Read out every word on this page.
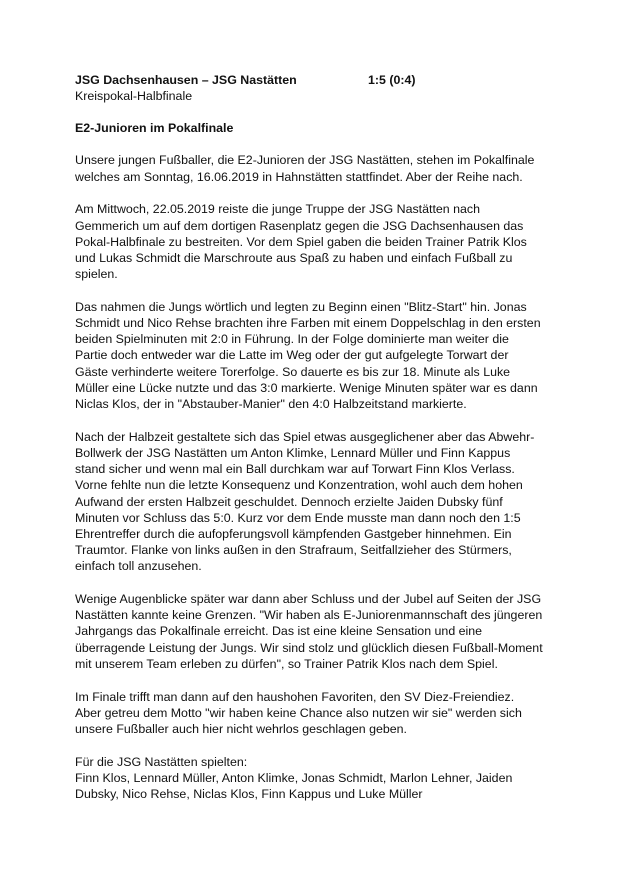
JSG Dachsenhausen – JSG Nastätten	1:5 (0:4)
Kreispokal-Halbfinale
E2-Junioren im Pokalfinale
Unsere jungen Fußballer, die E2-Junioren der JSG Nastätten, stehen im Pokalfinale
welches am Sonntag, 16.06.2019 in Hahnstätten stattfindet. Aber der Reihe nach.
Am Mittwoch, 22.05.2019 reiste die junge Truppe der JSG Nastätten nach
Gemmerich um auf dem dortigen Rasenplatz gegen die JSG Dachsenhausen das
Pokal-Halbfinale zu bestreiten. Vor dem Spiel gaben die beiden Trainer Patrik Klos
und Lukas Schmidt die Marschroute aus Spaß zu haben und einfach Fußball zu
spielen.
Das nahmen die Jungs wörtlich und legten zu Beginn einen "Blitz-Start" hin. Jonas
Schmidt und Nico Rehse brachten ihre Farben mit einem Doppelschlag in den ersten
beiden Spielminuten mit 2:0 in Führung. In der Folge dominierte man weiter die
Partie doch entweder war die Latte im Weg oder der gut aufgelegte Torwart der
Gäste verhinderte weitere Torerfolge. So dauerte es bis zur 18. Minute als Luke
Müller eine Lücke nutzte und das 3:0 markierte. Wenige Minuten später war es dann
Niclas Klos, der in "Abstauber-Manier" den 4:0 Halbzeitstand markierte.
Nach der Halbzeit gestaltete sich das Spiel etwas ausgeglichener aber das Abwehr-
Bollwerk der JSG Nastätten um Anton Klimke, Lennard Müller und Finn Kappus
stand sicher und wenn mal ein Ball durchkam war auf Torwart Finn Klos Verlass.
Vorne fehlte nun die letzte Konsequenz und Konzentration, wohl auch dem hohen
Aufwand der ersten Halbzeit geschuldet. Dennoch erzielte Jaiden Dubsky fünf
Minuten vor Schluss das 5:0. Kurz vor dem Ende musste man dann noch den 1:5
Ehrentreffer durch die aufopferungsvoll kämpfenden Gastgeber hinnehmen. Ein
Traumtor. Flanke von links außen in den Strafraum, Seitfallzieher des Stürmers,
einfach toll anzusehen.
Wenige Augenblicke später war dann aber Schluss und der Jubel auf Seiten der JSG
Nastätten kannte keine Grenzen. "Wir haben als E-Juniorenmannschaft des jüngeren
Jahrgangs das Pokalfinale erreicht. Das ist eine kleine Sensation und eine
überragende Leistung der Jungs. Wir sind stolz und glücklich diesen Fußball-Moment
mit unserem Team erleben zu dürfen", so Trainer Patrik Klos nach dem Spiel.
Im Finale trifft man dann auf den haushohen Favoriten, den SV Diez-Freiendiez.
Aber getreu dem Motto "wir haben keine Chance also nutzen wir sie" werden sich
unsere Fußballer auch hier nicht wehrlos geschlagen geben.
Für die JSG Nastätten spielten:
Finn Klos, Lennard Müller, Anton Klimke, Jonas Schmidt, Marlon Lehner, Jaiden
Dubsky, Nico Rehse, Niclas Klos, Finn Kappus und Luke Müller
